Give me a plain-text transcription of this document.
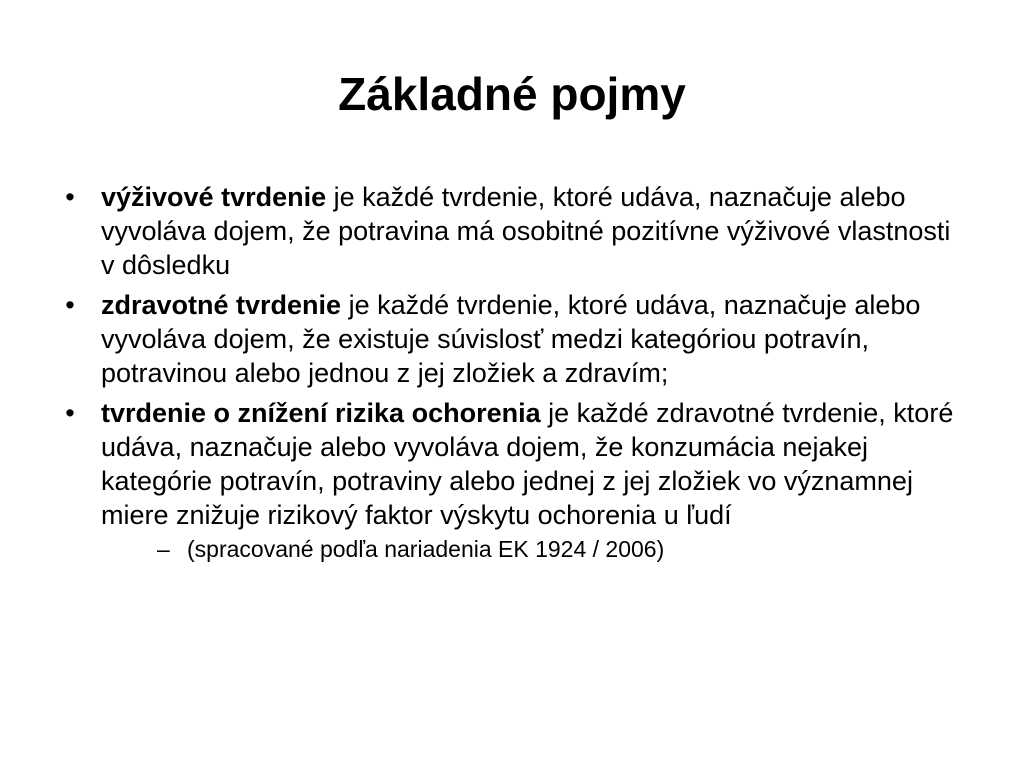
Základné pojmy
• výživové tvrdenie je každé tvrdenie, ktoré udáva, naznačuje alebo vyvoláva dojem, že potravina má osobitné pozitívne výživové vlastnosti v dôsledku
• zdravotné tvrdenie je každé tvrdenie, ktoré udáva, naznačuje alebo vyvoláva dojem, že existuje súvislosť medzi kategóriou potravín, potravinou alebo jednou z jej zložiek a zdravím;
• tvrdenie o znížení rizika ochorenia je každé zdravotné tvrdenie, ktoré udáva, naznačuje alebo vyvoláva dojem, že konzumácia nejakej kategórie potravín, potraviny alebo jednej z jej zložiek vo významnej miere znižuje rizikový faktor výskytu ochorenia u ľudí
– (spracované podľa nariadenia EK 1924 / 2006)
